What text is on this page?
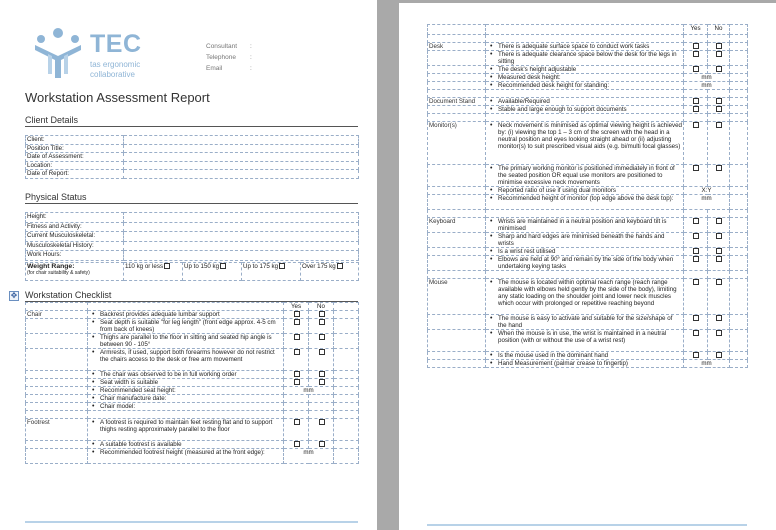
TEC
tas ergonomic
collaborative
Consultant :
Telephone :
Email	:
Workstation Assessment Report
Client Details
Client:	
Position Title:	
Date of Assessment:	
Location:	
Date of Report:	
Physical Status
Height:	
Fitness and Activity:	
Current Musculoskeletal:	
Musculoskeletal History:	
Work Hours:	
Weight Range:
(for chair suitability & safety)
	110 kg or less	Up to 150 kg	Up to 175 kg	Over 175 kg
✥ Workstation Checklist
		Yes	No	
Chair	• Backrest provides adequate lumbar support			
	• Seat depth is suitable "for leg length" (front edge approx. 4-5 cm from back of knees)			
	• Thighs are parallel to the floor in sitting and seated hip angle is between 90 - 105°			
	• Armrests, if used, support both forearms however do not restrict the chairs access to the desk or free arm movement			
	• The chair was observed to be in full working order			
	• Seat width is suitable			
	• Recommended seat height:	mm		
	• Chair manufacture date:			
	• Chair model:			

Footrest	• A footrest is required to maintain feet resting flat and to support thighs resting approximately parallel to the floor			
	• A suitable footrest is available			
	• Recommended footrest height (measured at the front edge):	mm		
		Yes	No	

Desk	• There is adequate surface space to conduct work tasks			
	• There is adequate clearance space below the desk for the legs in sitting			
	• The desk's height adjustable			
	• Measured desk height:	mm		
	• Recommended desk height for standing:	mm		

Document Stand	• Available/Required			
	• Stable and large enough to support documents			

Monitor(s)	• Neck movement is minimised as optimal viewing height is achieved by: (i) viewing the top 1 – 3 cm of the screen with the head in a neutral position and eyes looking straight ahead or (ii) adjusting monitor(s) to suit prescribed visual aids (e.g. bi/multi focal glasses)			
	• The primary working monitor is positioned immediately in front of the seated position OR equal use monitors are positioned to minimise excessive neck movements			
	• Reported ratio of use if using dual monitors	X:Y		
	• Recommended height of monitor (top edge above the desk top):	mm		

Keyboard	• Wrists are maintained in a neutral position and keyboard tilt is minimised			
	• Sharp and hard edges are minimised beneath the hands and wrists			
	• Is a wrist rest utilised			
	• Elbows are held at 90° and remain by the side of the body when undertaking keying tasks			

Mouse	• The mouse is located within optimal reach range (reach range available with elbows held gently by the side of the body), limiting any static loading on the shoulder joint and lower neck muscles which occur with prolonged or repetitive reaching beyond			
	• The mouse is easy to activate and suitable for the size/shape of the hand			
	• When the mouse is in use, the wrist is maintained in a neutral position (with or without the use of a wrist rest)			
	• Is the mouse used in the dominant hand			
	• Hand Measurement (palmar crease to fingertip)	mm		
